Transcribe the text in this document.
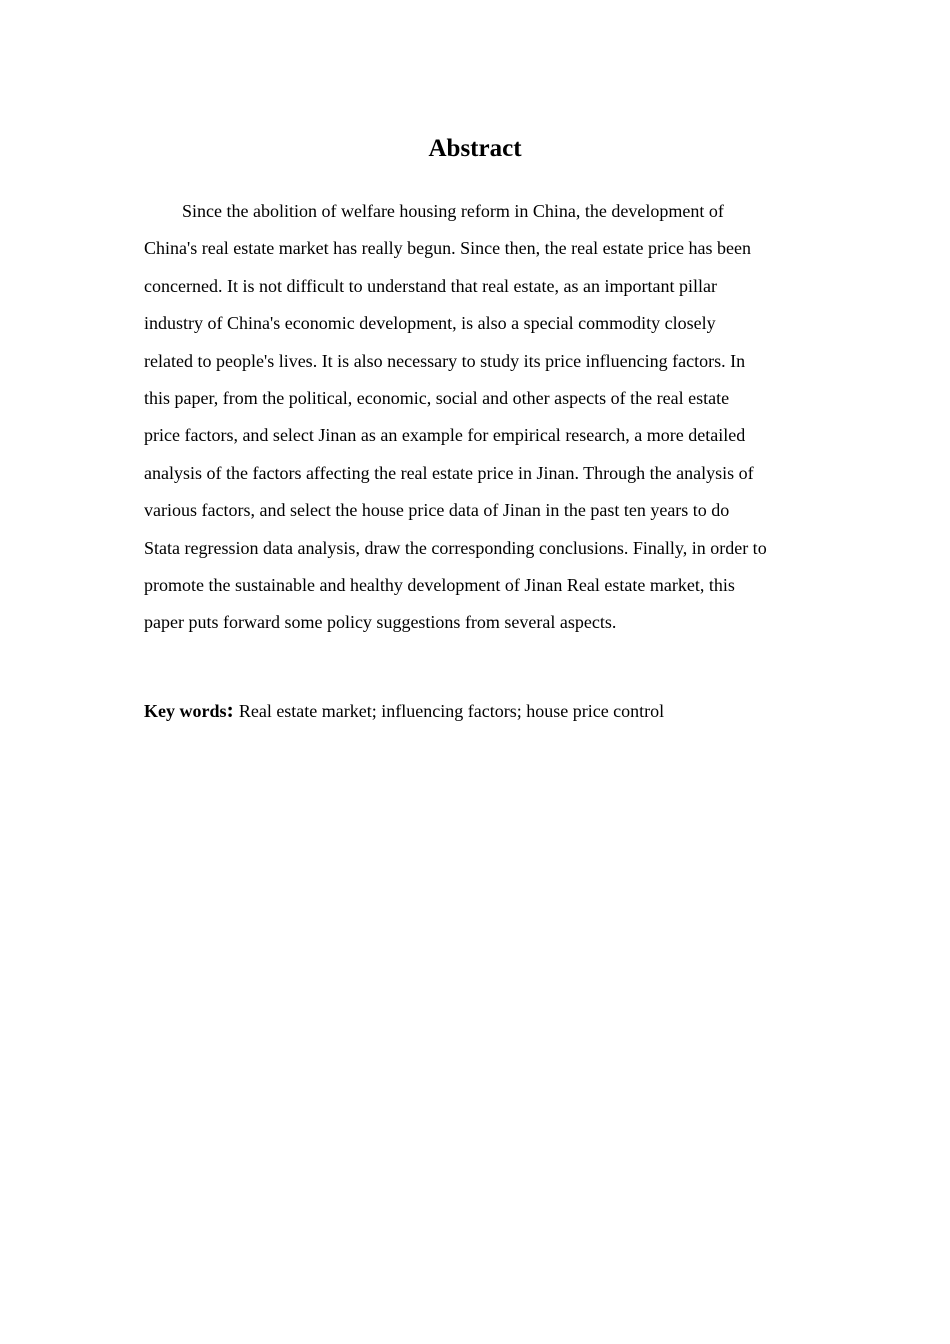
Abstract

Since the abolition of welfare housing reform in China, the development of
China's real estate market has really begun. Since then, the real estate price has been
concerned. It is not difficult to understand that real estate, as an important pillar
industry of China's economic development, is also a special commodity closely
related to people's lives. It is also necessary to study its price influencing factors. In
this paper, from the political, economic, social and other aspects of the real estate
price factors, and select Jinan as an example for empirical research, a more detailed
analysis of the factors affecting the real estate price in Jinan. Through the analysis of
various factors, and select the house price data of Jinan in the past ten years to do
Stata regression data analysis, draw the corresponding conclusions. Finally, in order to
promote the sustainable and healthy development of Jinan Real estate market, this
paper puts forward some policy suggestions from several aspects.

Key words: Real estate market; influencing factors; house price control
